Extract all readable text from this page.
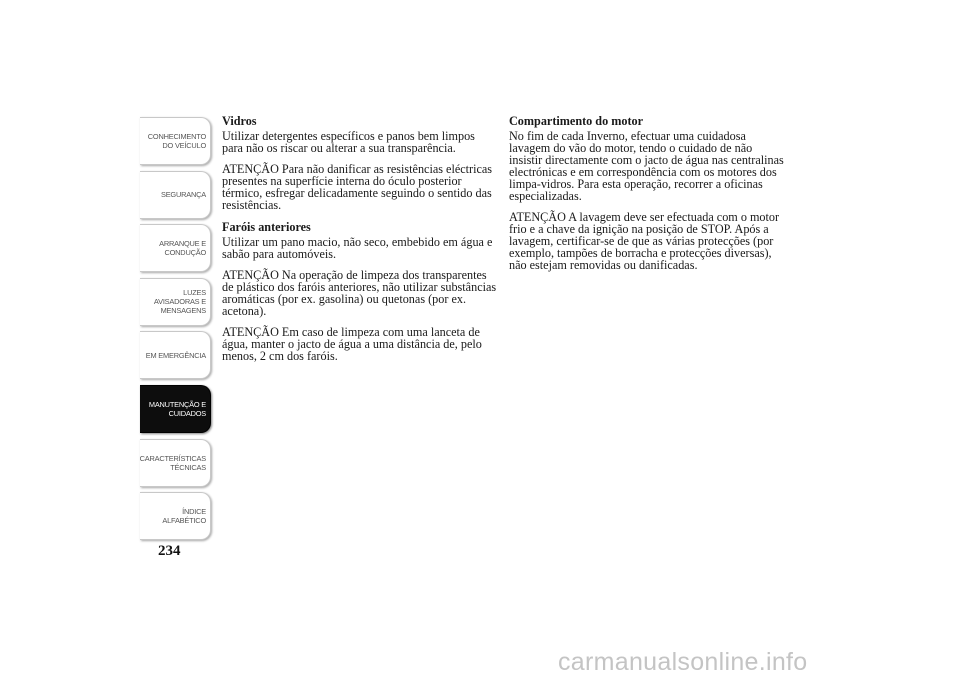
CONHECIMENTO
DO VEÍCULO
SEGURANÇA
ARRANQUE E
CONDUÇÃO
LUZES
AVISADORAS E
MENSAGENS
EM EMERGÊNCIA
MANUTENÇÃO E
CUIDADOS
CARACTERÍSTICAS
TÉCNICAS
ÍNDICE
ALFABÉTICO
234
Vidros

Utilizar detergentes específicos e panos bem limpos para não os riscar ou alterar a sua transparência.

ATENÇÃO Para não danificar as resistências eléctricas presentes na superfície interna do óculo posterior térmico, esfregar delicadamente seguindo o sentido das resistências.

Faróis anteriores

Utilizar um pano macio, não seco, embebido em água e sabão para automóveis.

ATENÇÃO Na operação de limpeza dos transparentes de plástico dos faróis anteriores, não utilizar substâncias aromáticas (por ex. gasolina) ou quetonas (por ex. acetona).

ATENÇÃO Em caso de limpeza com uma lanceta de água, manter o jacto de água a uma distância de, pelo menos, 2 cm dos faróis.

Compartimento do motor

No fim de cada Inverno, efectuar uma cuidadosa lavagem do vão do motor, tendo o cuidado de não insistir directamente com o jacto de água nas centralinas electrónicas e em correspondência com os motores dos limpa-vidros. Para esta operação, recorrer a oficinas especializadas.

ATENÇÃO A lavagem deve ser efectuada com o motor frio e a chave da ignição na posição de STOP. Após a lavagem, certificar-se de que as várias protecções (por exemplo, tampões de borracha e protecções diversas), não estejam removidas ou danificadas.

carmanualsonline.info
